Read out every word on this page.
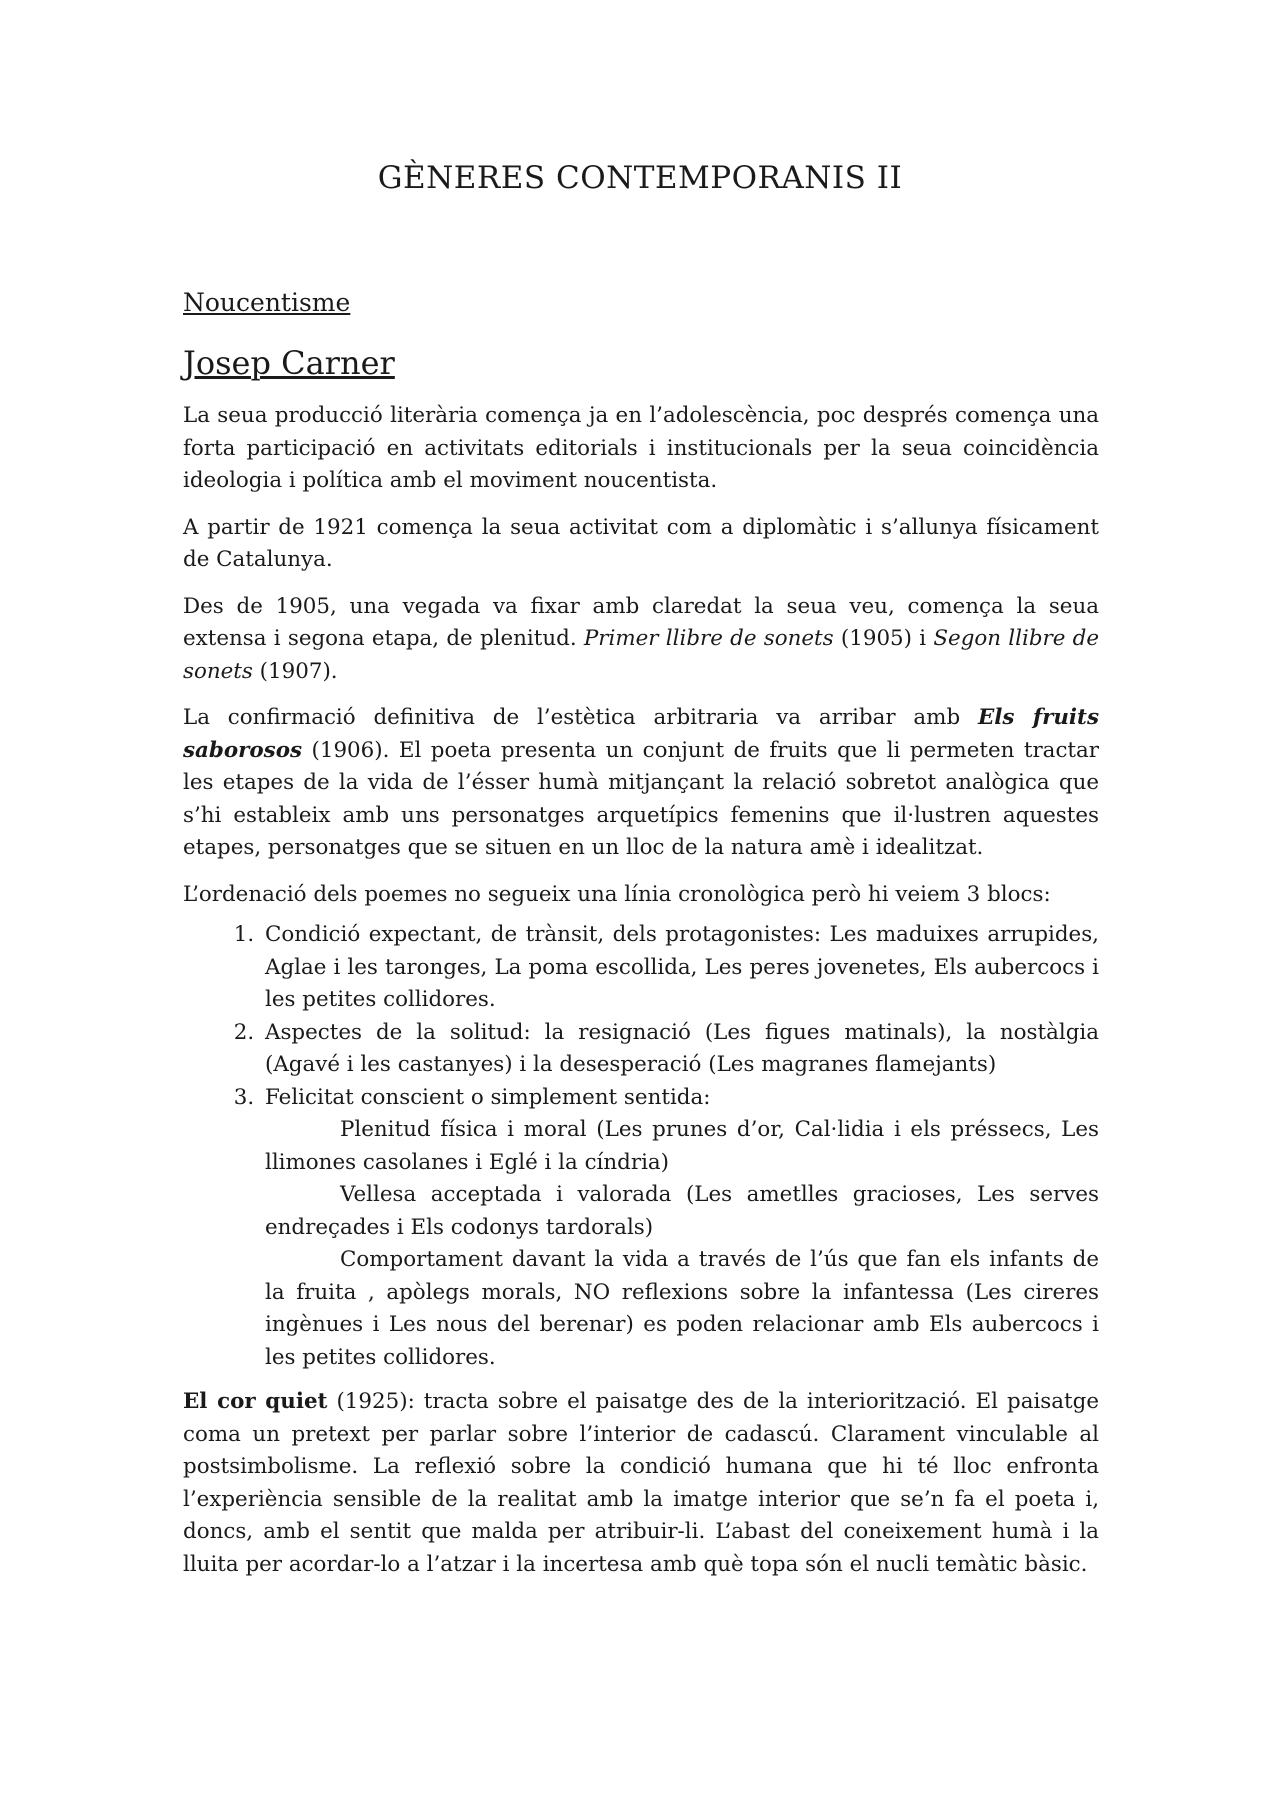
GÈNERES CONTEMPORANIS II
Noucentisme
Josep Carner

La seua producció literària comença ja en l’adolescència, poc després comença una forta participació en activitats editorials i institucionals per la seua coincidència ideologia i política amb el moviment noucentista.

A partir de 1921 comença la seua activitat com a diplomàtic i s’allunya físicament de Catalunya.

Des de 1905, una vegada va fixar amb claredat la seua veu, comença la seua extensa i segona etapa, de plenitud. Primer llibre de sonets (1905) i Segon llibre de sonets (1907).

La confirmació definitiva de l’estètica arbitraria va arribar amb Els fruits saborosos (1906). El poeta presenta un conjunt de fruits que li permeten tractar les etapes de la vida de l’ésser humà mitjançant la relació sobretot analògica que s’hi estableix amb uns personatges arquetípics femenins que il·lustren aquestes etapes, personatges que se situen en un lloc de la natura amè i idealitzat.

L’ordenació dels poemes no segueix una línia cronològica però hi veiem 3 blocs:

1. Condició expectant, de trànsit, dels protagonistes: Les maduixes arrupides, Aglae i les taronges, La poma escollida, Les peres jovenetes, Els aubercocs i les petites collidores.
2. Aspectes de la solitud: la resignació (Les figues matinals), la nostàlgia (Agavé i les castanyes) i la desesperació (Les magranes flamejants)
3. Felicitat conscient o simplement sentida:
Plenitud física i moral (Les prunes d’or, Cal·lidia i els préssecs, Les llimones casolanes i Eglé i la cíndria)
Vellesa acceptada i valorada (Les ametlles gracioses, Les serves endreçades i Els codonys tardorals)
Comportament davant la vida a través de l’ús que fan els infants de la fruita , apòlegs morals, NO reflexions sobre la infantessa (Les cireres ingènues i Les nous del berenar) es poden relacionar amb Els aubercocs i les petites collidores.

El cor quiet (1925): tracta sobre el paisatge des de la interiorització. El paisatge coma un pretext per parlar sobre l’interior de cadascú. Clarament vinculable al postsimbolisme. La reflexió sobre la condició humana que hi té lloc enfronta l’experiència sensible de la realitat amb la imatge interior que se’n fa el poeta i, doncs, amb el sentit que malda per atribuir-li. L’abast del coneixement humà i la lluita per acordar-lo a l’atzar i la incertesa amb què topa són el nucli temàtic bàsic.
